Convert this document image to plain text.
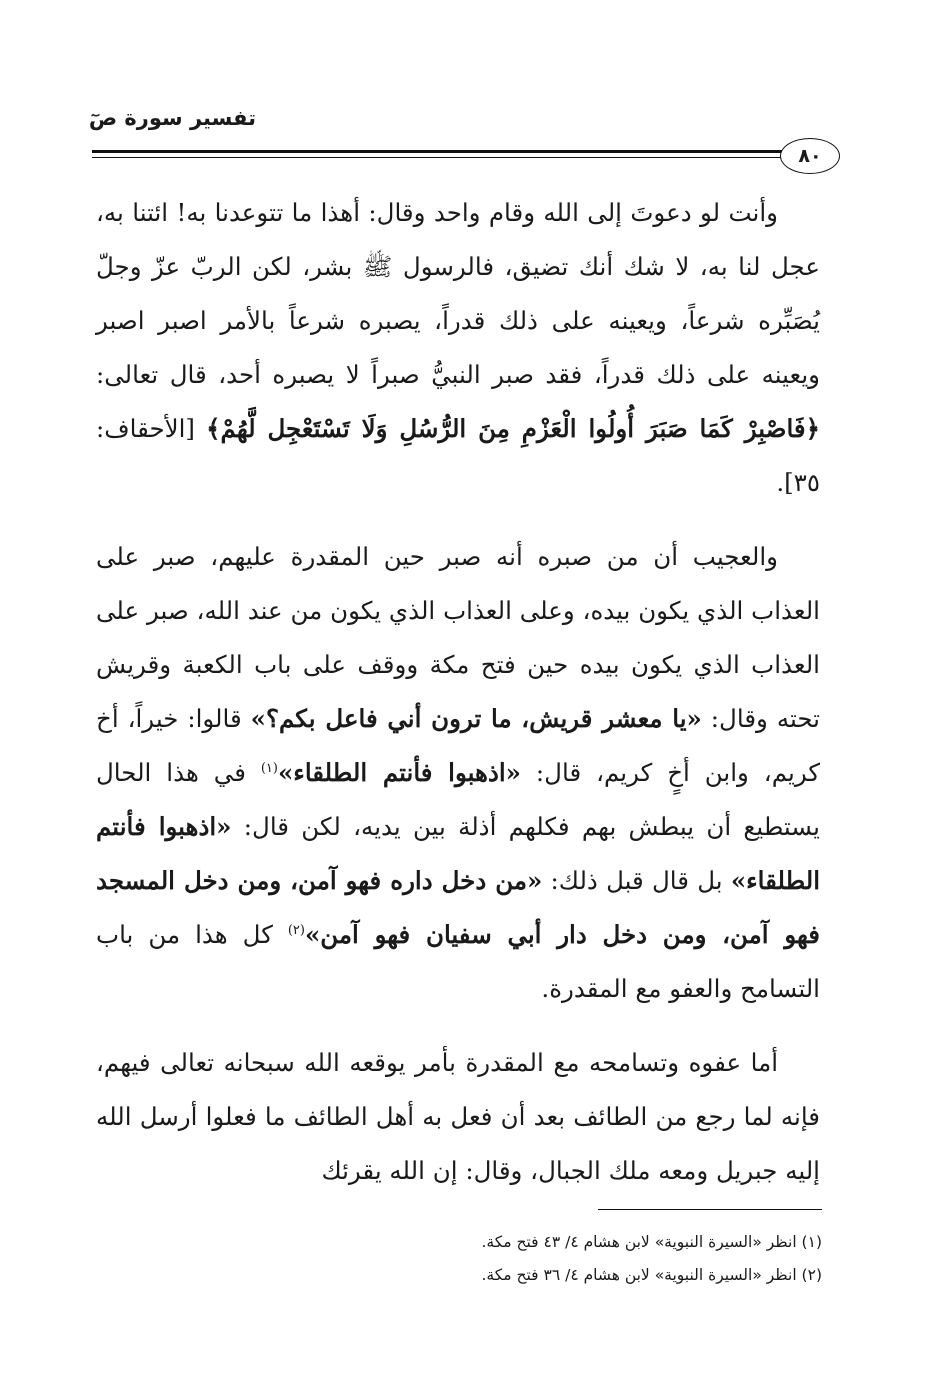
تفسير سورة صٓ
٨٠

وأنت لو دعوتَ إلى الله وقام واحد وقال: أهذا ما تتوعدنا به! ائتنا به، عجل لنا به، لا شك أنك تضيق، فالرسول ﷺ بشر، لكن الربّ عزّ وجلّ يُصَبِّره شرعاً، ويعينه على ذلك قدراً، يصبره شرعاً بالأمر اصبر اصبر ويعينه على ذلك قدراً، فقد صبر النبيُّ صبراً لا يصبره أحد، قال تعالى: ﴿فَاصْبِرْ كَمَا صَبَرَ أُولُوا الْعَزْمِ مِنَ الرُّسُلِ وَلَا تَسْتَعْجِل لَّهُمْ﴾ [الأحقاف: ٣٥].

والعجيب أن من صبره أنه صبر حين المقدرة عليهم، صبر على العذاب الذي يكون بيده، وعلى العذاب الذي يكون من عند الله، صبر على العذاب الذي يكون بيده حين فتح مكة ووقف على باب الكعبة وقريش تحته وقال: «يا معشر قريش، ما ترون أني فاعل بكم؟» قالوا: خيراً، أخ كريم، وابن أخٍ كريم، قال: «اذهبوا فأنتم الطلقاء»$^{(١)}$ في هذا الحال يستطيع أن يبطش بهم فكلهم أذلة بين يديه، لكن قال: «اذهبوا فأنتم الطلقاء» بل قال قبل ذلك: «من دخل داره فهو آمن، ومن دخل المسجد فهو آمن، ومن دخل دار أبي سفيان فهو آمن»$^{(٢)}$ كل هذا من باب التسامح والعفو مع المقدرة.

أما عفوه وتسامحه مع المقدرة بأمر يوقعه الله سبحانه تعالى فيهم، فإنه لما رجع من الطائف بعد أن فعل به أهل الطائف ما فعلوا أرسل الله إليه جبريل ومعه ملك الجبال، وقال: إن الله يقرئك

(١) انظر «السيرة النبوية» لابن هشام ٤/ ٤٣ فتح مكة.
(٢) انظر «السيرة النبوية» لابن هشام ٤/ ٣٦ فتح مكة.
